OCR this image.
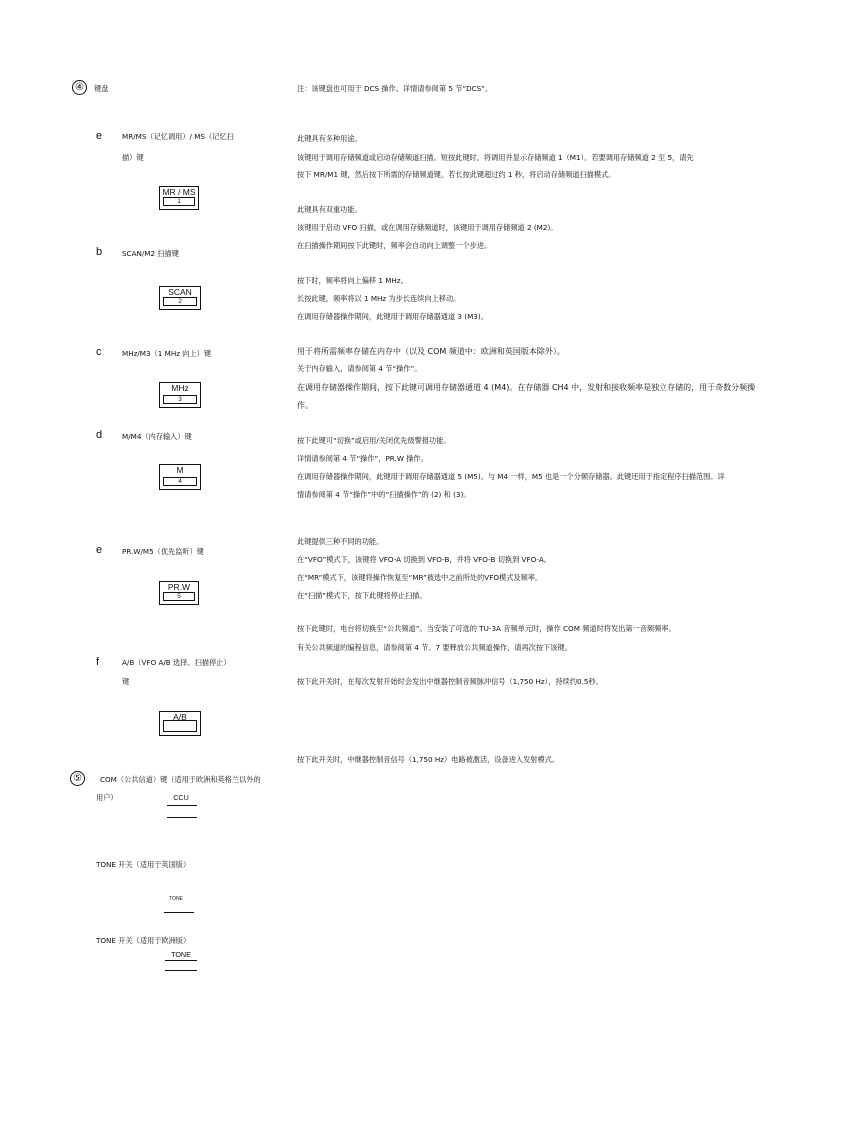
④	键盘	注：该键盘也可用于 DCS 操作。详情请参阅第 5 节“DCS”。
e	MR/MS（记忆调用）/ MS（记忆扫
描）键
MR / MS
1
此键具有多种用途。
该键用于调用存储频道或启动存储频道扫描。短按此键时，将调用并显示存储频道 1（M1）。若要调用存储频道 2 至 5，请先
按下 MR/M1 键，然后按下所需的存储频道键。若长按此键超过约 1 秒，将启动存储频道扫描模式。
此键具有双重功能。
该键用于启动 VFO 扫描，或在调用存储频道时，该键用于调用存储频道 2 (M2)。
在扫描操作期间按下此键时，频率会自动向上调整一个步进。
b	SCAN/M2 扫描键
SCAN
2
按下时，频率将向上偏移 1 MHz。
长按此键，频率将以 1 MHz 为步长连续向上移动。
在调用存储器操作期间，此键用于调用存储器通道 3 (M3)。
c	MHz/M3（1 MHz 向上）键	用于将所需频率存储在内存中（以及 COM 频道中：欧洲和英国版本除外）。
关于内存输入，请参阅第 4 节“操作”。
在调用存储器操作期间，按下此键可调用存储器通道 4 (M4)。在存储器 CH4 中，发射和接收频率是独立存储的，用于奇数分频操
作。
MHz
3
d	M/M4（内存输入）键	按下此键可“切换”或启用/关闭优先级警报功能。
详情请参阅第 4 节“操作”，PR.W 操作。
在调用存储器操作期间，此键用于调用存储器通道 5 (M5)。与 M4 一样，M5 也是一个分频存储器。此键还用于指定程序扫描范围。详
情请参阅第 4 节“操作”中的“扫描操作”的 (2) 和 (3)。
M
4
此键提供三种不同的功能。
e	PR.W/M5（优先监听）键
在“VFO”模式下，该键将 VFO-A 切换到 VFO-B，并将 VFO-B 切换到 VFO-A。
在“MR”模式下，该键将操作恢复至“MR”被选中之前所处的VFO模式及频率。
在“扫描”模式下，按下此键将停止扫描。
PR.W
5
按下此键时，电台将切换至“公共频道”。当安装了可选的 TU-3A 音频单元时，操作 COM 频道时将发出第一音频频率。
有关公共频道的编程信息，请参阅第 4 节。7 要释放公共频道操作，请再次按下该键。
f	A/B（VFO A/B 选择、扫描停止）
键	按下此开关时，在每次发射开始时会发出中继器控制音频脉冲信号（1,750 Hz），持续约0.5秒。
A/B
按下此开关时，中继器控制音信号（1,750 Hz）电路被激活，设备进入发射模式。
⑤	COM（公共信道）键（适用于欧洲和英格兰以外的
用户）	CCU
TONE 开关（适用于英国版）
TONE
TONE 开关（适用于欧洲版）
TONE
